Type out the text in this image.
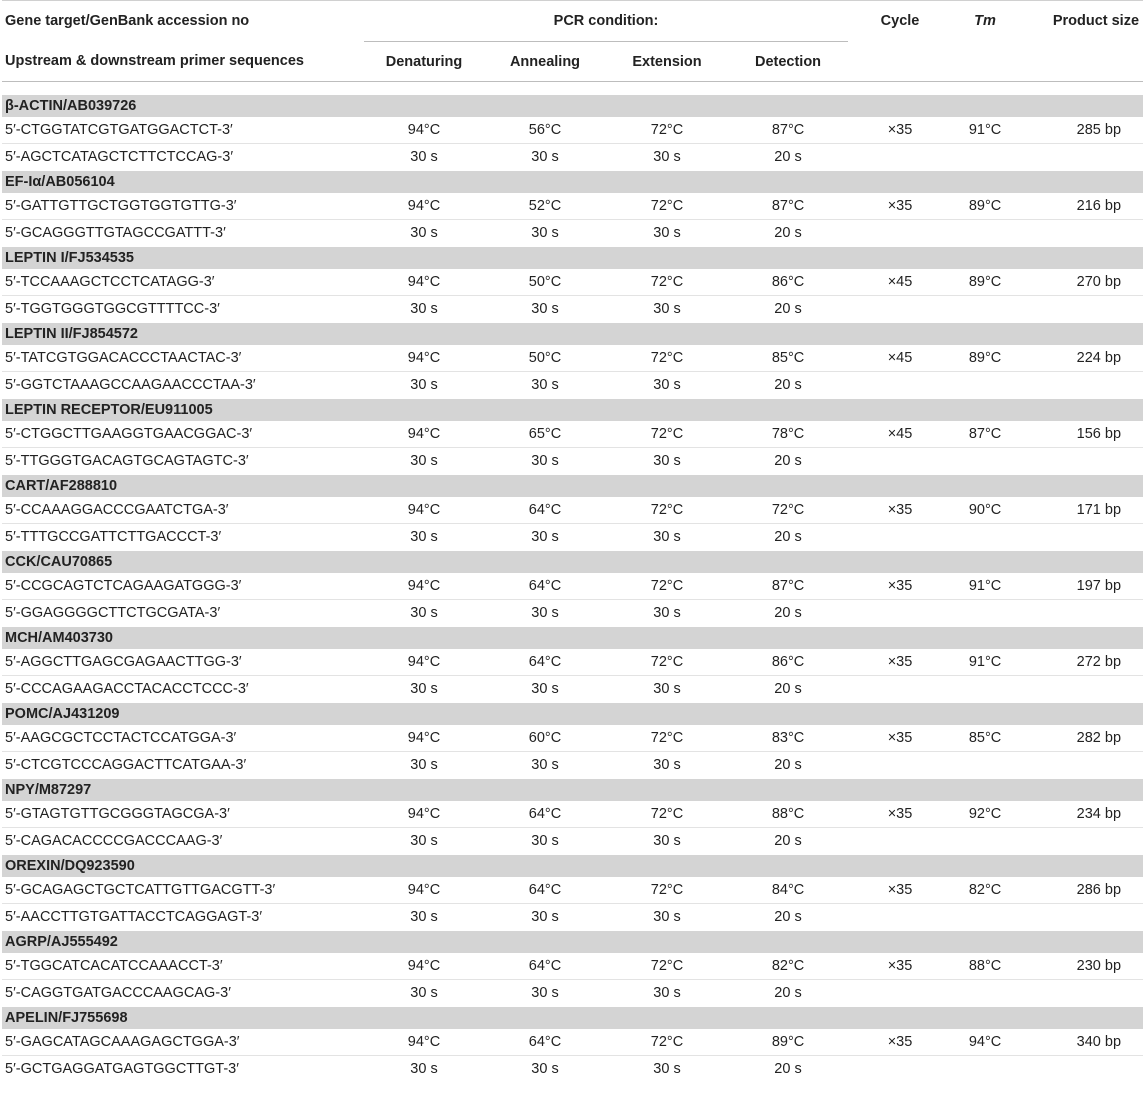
Gene target/GenBank accession no	PCR condition:				Cycle	Tm	Product size
Upstream & downstream primer sequences	Denaturing	Annealing	Extension	Detection			

β-ACTIN/AB039726							
5′-CTGGTATCGTGATGGACTCT-3′	94°C	56°C	72°C	87°C	×35	91°C	285 bp
5′-AGCTCATAGCTCTTCTCCAG-3′	30 s	30 s	30 s	20 s			
EF-Iα/AB056104							
5′-GATTGTTGCTGGTGGTGTTG-3′	94°C	52°C	72°C	87°C	×35	89°C	216 bp
5′-GCAGGGTTGTAGCCGATTT-3′	30 s	30 s	30 s	20 s			
LEPTIN I/FJ534535							
5′-TCCAAAGCTCCTCATAGG-3′	94°C	50°C	72°C	86°C	×45	89°C	270 bp
5′-TGGTGGGTGGCGTTTTCC-3′	30 s	30 s	30 s	20 s			
LEPTIN II/FJ854572							
5′-TATCGTGGACACCCTAACTAC-3′	94°C	50°C	72°C	85°C	×45	89°C	224 bp
5′-GGTCTAAAGCCAAGAACCCTAA-3′	30 s	30 s	30 s	20 s			
LEPTIN RECEPTOR/EU911005							
5′-CTGGCTTGAAGGTGAACGGAC-3′	94°C	65°C	72°C	78°C	×45	87°C	156 bp
5′-TTGGGTGACAGTGCAGTAGTC-3′	30 s	30 s	30 s	20 s			
CART/AF288810							
5′-CCAAAGGACCCGAATCTGA-3′	94°C	64°C	72°C	72°C	×35	90°C	171 bp
5′-TTTGCCGATTCTTGACCCT-3′	30 s	30 s	30 s	20 s			
CCK/CAU70865							
5′-CCGCAGTCTCAGAAGATGGG-3′	94°C	64°C	72°C	87°C	×35	91°C	197 bp
5′-GGAGGGGCTTCTGCGATA-3′	30 s	30 s	30 s	20 s			
MCH/AM403730							
5′-AGGCTTGAGCGAGAACTTGG-3′	94°C	64°C	72°C	86°C	×35	91°C	272 bp
5′-CCCAGAAGACCTACACCTCCC-3′	30 s	30 s	30 s	20 s			
POMC/AJ431209							
5′-AAGCGCTCCTACTCCATGGA-3′	94°C	60°C	72°C	83°C	×35	85°C	282 bp
5′-CTCGTCCCAGGACTTCATGAA-3′	30 s	30 s	30 s	20 s			
NPY/M87297							
5′-GTAGTGTTGCGGGTAGCGA-3′	94°C	64°C	72°C	88°C	×35	92°C	234 bp
5′-CAGACACCCCGACCCAAG-3′	30 s	30 s	30 s	20 s			
OREXIN/DQ923590							
5′-GCAGAGCTGCTCATTGTTGACGTT-3′	94°C	64°C	72°C	84°C	×35	82°C	286 bp
5′-AACCTTGTGATTACCTCAGGAGT-3′	30 s	30 s	30 s	20 s			
AGRP/AJ555492							
5′-TGGCATCACATCCAAACCT-3′	94°C	64°C	72°C	82°C	×35	88°C	230 bp
5′-CAGGTGATGACCCAAGCAG-3′	30 s	30 s	30 s	20 s			
APELIN/FJ755698							
5′-GAGCATAGCAAAGAGCTGGA-3′	94°C	64°C	72°C	89°C	×35	94°C	340 bp
5′-GCTGAGGATGAGTGGCTTGT-3′	30 s	30 s	30 s	20 s			
